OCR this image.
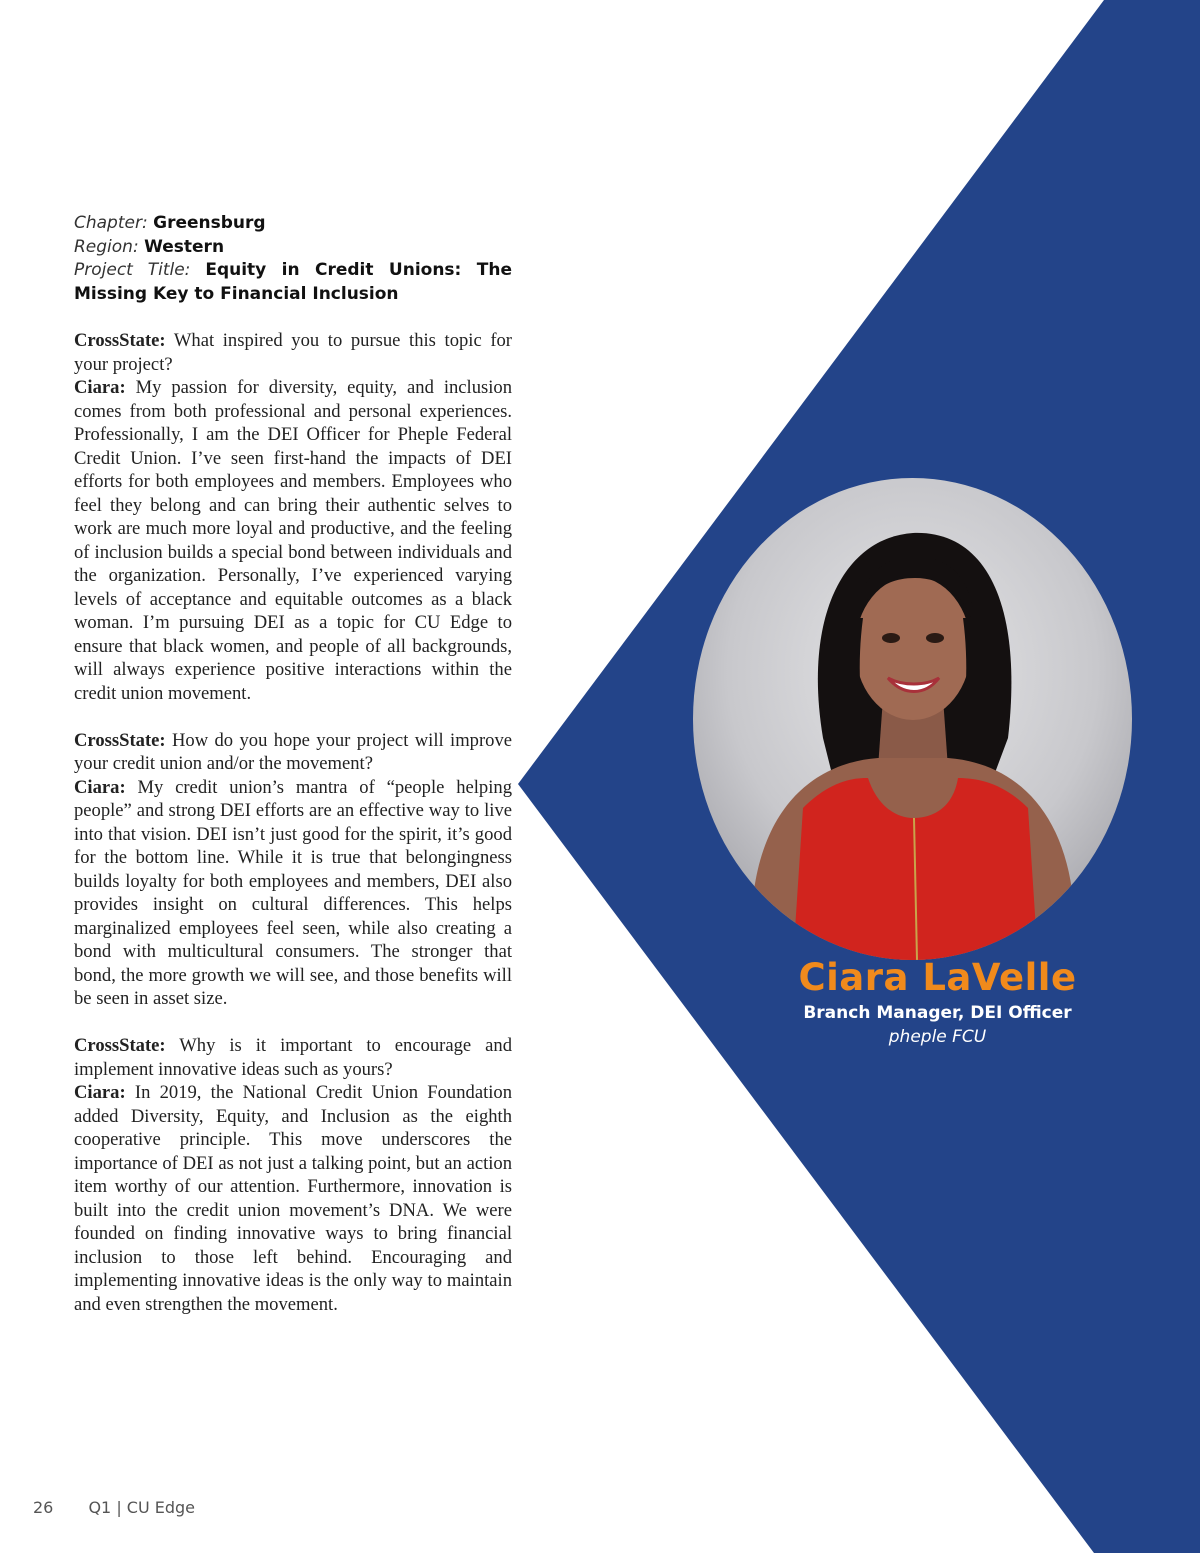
Chapter: Greensburg
Region: Western
Project Title: Equity in Credit Unions: The Missing Key to Financial Inclusion

CrossState: What inspired you to pursue this topic for your project?

Ciara: My passion for diversity, equity, and inclusion comes from both professional and personal experiences. Professionally, I am the DEI Officer for Pheple Federal Credit Union. I’ve seen first-hand the impacts of DEI efforts for both employees and members. Employees who feel they belong and can bring their authentic selves to work are much more loyal and productive, and the feeling of inclusion builds a special bond between individuals and the organization. Personally, I’ve experienced varying levels of acceptance and equitable outcomes as a black woman. I’m pursuing DEI as a topic for CU Edge to ensure that black women, and people of all backgrounds, will always experience positive interactions within the credit union movement.

CrossState: How do you hope your project will improve your credit union and/or the movement?

Ciara: My credit union’s mantra of “people helping people” and strong DEI efforts are an effective way to live into that vision. DEI isn’t just good for the spirit, it’s good for the bottom line. While it is true that belongingness builds loyalty for both employees and members, DEI also provides insight on cultural differences. This helps marginalized employees feel seen, while also creating a bond with multicultural consumers. The stronger that bond, the more growth we will see, and those benefits will be seen in asset size.

CrossState: Why is it important to encourage and implement innovative ideas such as yours?

Ciara: In 2019, the National Credit Union Foundation added Diversity, Equity, and Inclusion as the eighth cooperative principle. This move underscores the importance of DEI as not just a talking point, but an action item worthy of our attention. Furthermore, innovation is built into the credit union movement’s DNA. We were founded on finding innovative ways to bring financial inclusion to those left behind. Encouraging and implementing innovative ideas is the only way to maintain and even strengthen the movement.

Ciara LaVelle
Branch Manager, DEI Officer
pheple FCU
26 Q1 | CU Edge
